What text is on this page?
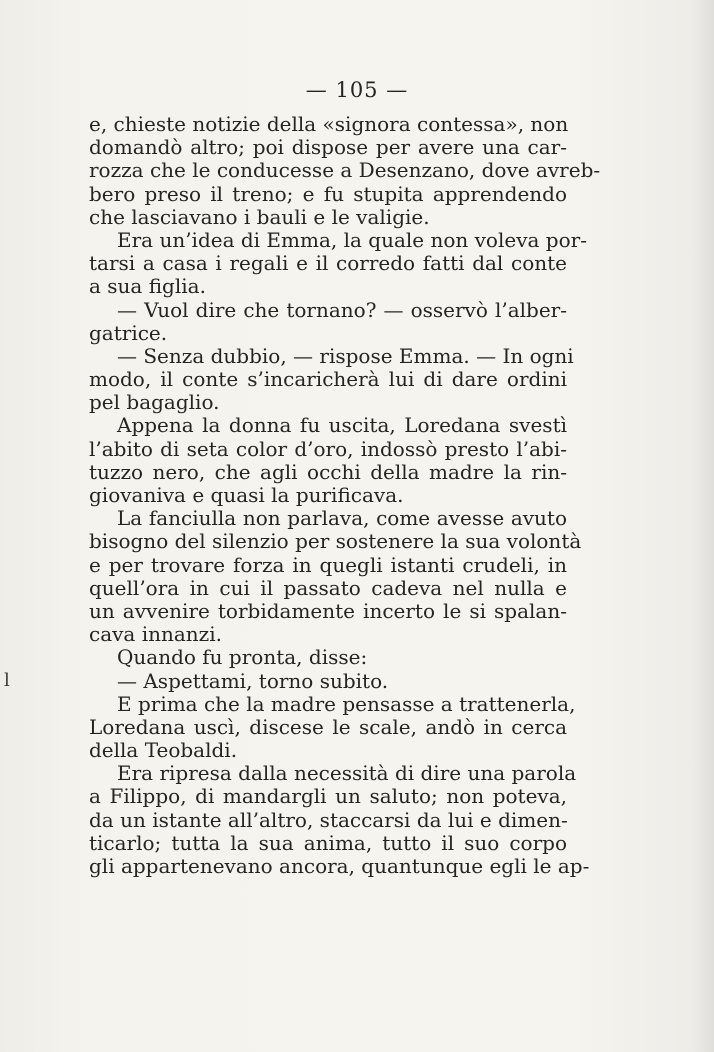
— 105 —
e, chieste notizie della «signora contessa», non
domandò altro; poi dispose per avere una car-
rozza che le conducesse a Desenzano, dove avreb-
bero preso il treno; e fu stupita apprendendo
che lasciavano i bauli e le valigie.
Era un’idea di Emma, la quale non voleva por-
tarsi a casa i regali e il corredo fatti dal conte
a sua figlia.
— Vuol dire che tornano? — osservò l’alber-
gatrice.
— Senza dubbio, — rispose Emma. — In ogni
modo, il conte s’incaricherà lui di dare ordini
pel bagaglio.
Appena la donna fu uscita, Loredana svestì
l’abito di seta color d’oro, indossò presto l’abi-
tuzzo nero, che agli occhi della madre la rin-
giovaniva e quasi la purificava.
La fanciulla non parlava, come avesse avuto
bisogno del silenzio per sostenere la sua volontà
e per trovare forza in quegli istanti crudeli, in
quell’ora in cui il passato cadeva nel nulla e
un avvenire torbidamente incerto le si spalan-
cava innanzi.
Quando fu pronta, disse:
— Aspettami, torno subito.
E prima che la madre pensasse a trattenerla,
Loredana uscì, discese le scale, andò in cerca
della Teobaldi.
Era ripresa dalla necessità di dire una parola
a Filippo, di mandargli un saluto; non poteva,
da un istante all’altro, staccarsi da lui e dimen-
ticarlo; tutta la sua anima, tutto il suo corpo
gli appartenevano ancora, quantunque egli le ap-
l
